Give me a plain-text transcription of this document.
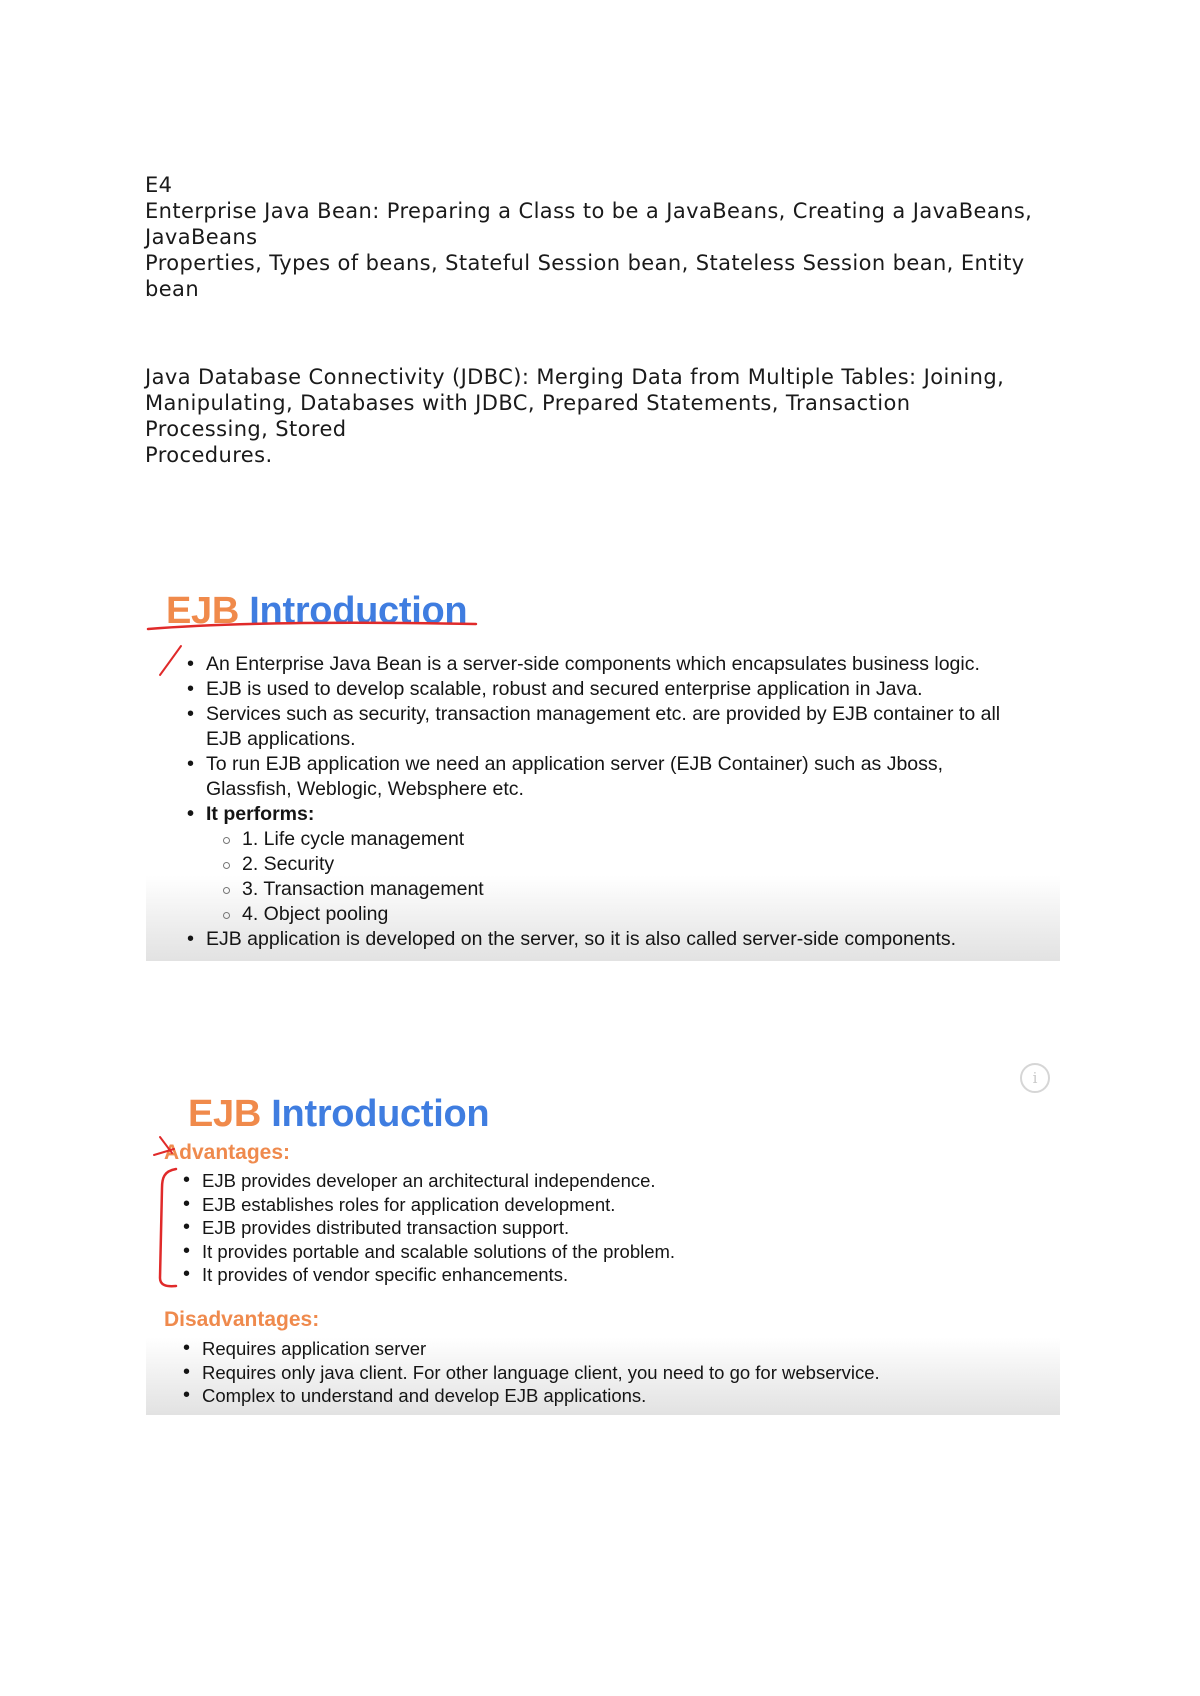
E4
Enterprise Java Bean: Preparing a Class to be a JavaBeans, Creating a JavaBeans,
JavaBeans
Properties, Types of beans, Stateful Session bean, Stateless Session bean, Entity
bean
Java Database Connectivity (JDBC): Merging Data from Multiple Tables: Joining,
Manipulating, Databases with JDBC, Prepared Statements, Transaction
Processing, Stored
Procedures.
EJB Introduction
• An Enterprise Java Bean is a server-side components which encapsulates business logic.
• EJB is used to develop scalable, robust and secured enterprise application in Java.
• Services such as security, transaction management etc. are provided by EJB container to all
EJB applications.
• To run EJB application we need an application server (EJB Container) such as Jboss,
Glassfish, Weblogic, Websphere etc.
• It performs:
1. Life cycle management
2. Security
3. Transaction management
4. Object pooling
• EJB application is developed on the server, so it is also called server-side components.
i
EJB Introduction
Advantages:
• EJB provides developer an architectural independence.
• EJB establishes roles for application development.
• EJB provides distributed transaction support.
• It provides portable and scalable solutions of the problem.
• It provides of vendor specific enhancements.
Disadvantages:
• Requires application server
• Requires only java client. For other language client, you need to go for webservice.
• Complex to understand and develop EJB applications.
